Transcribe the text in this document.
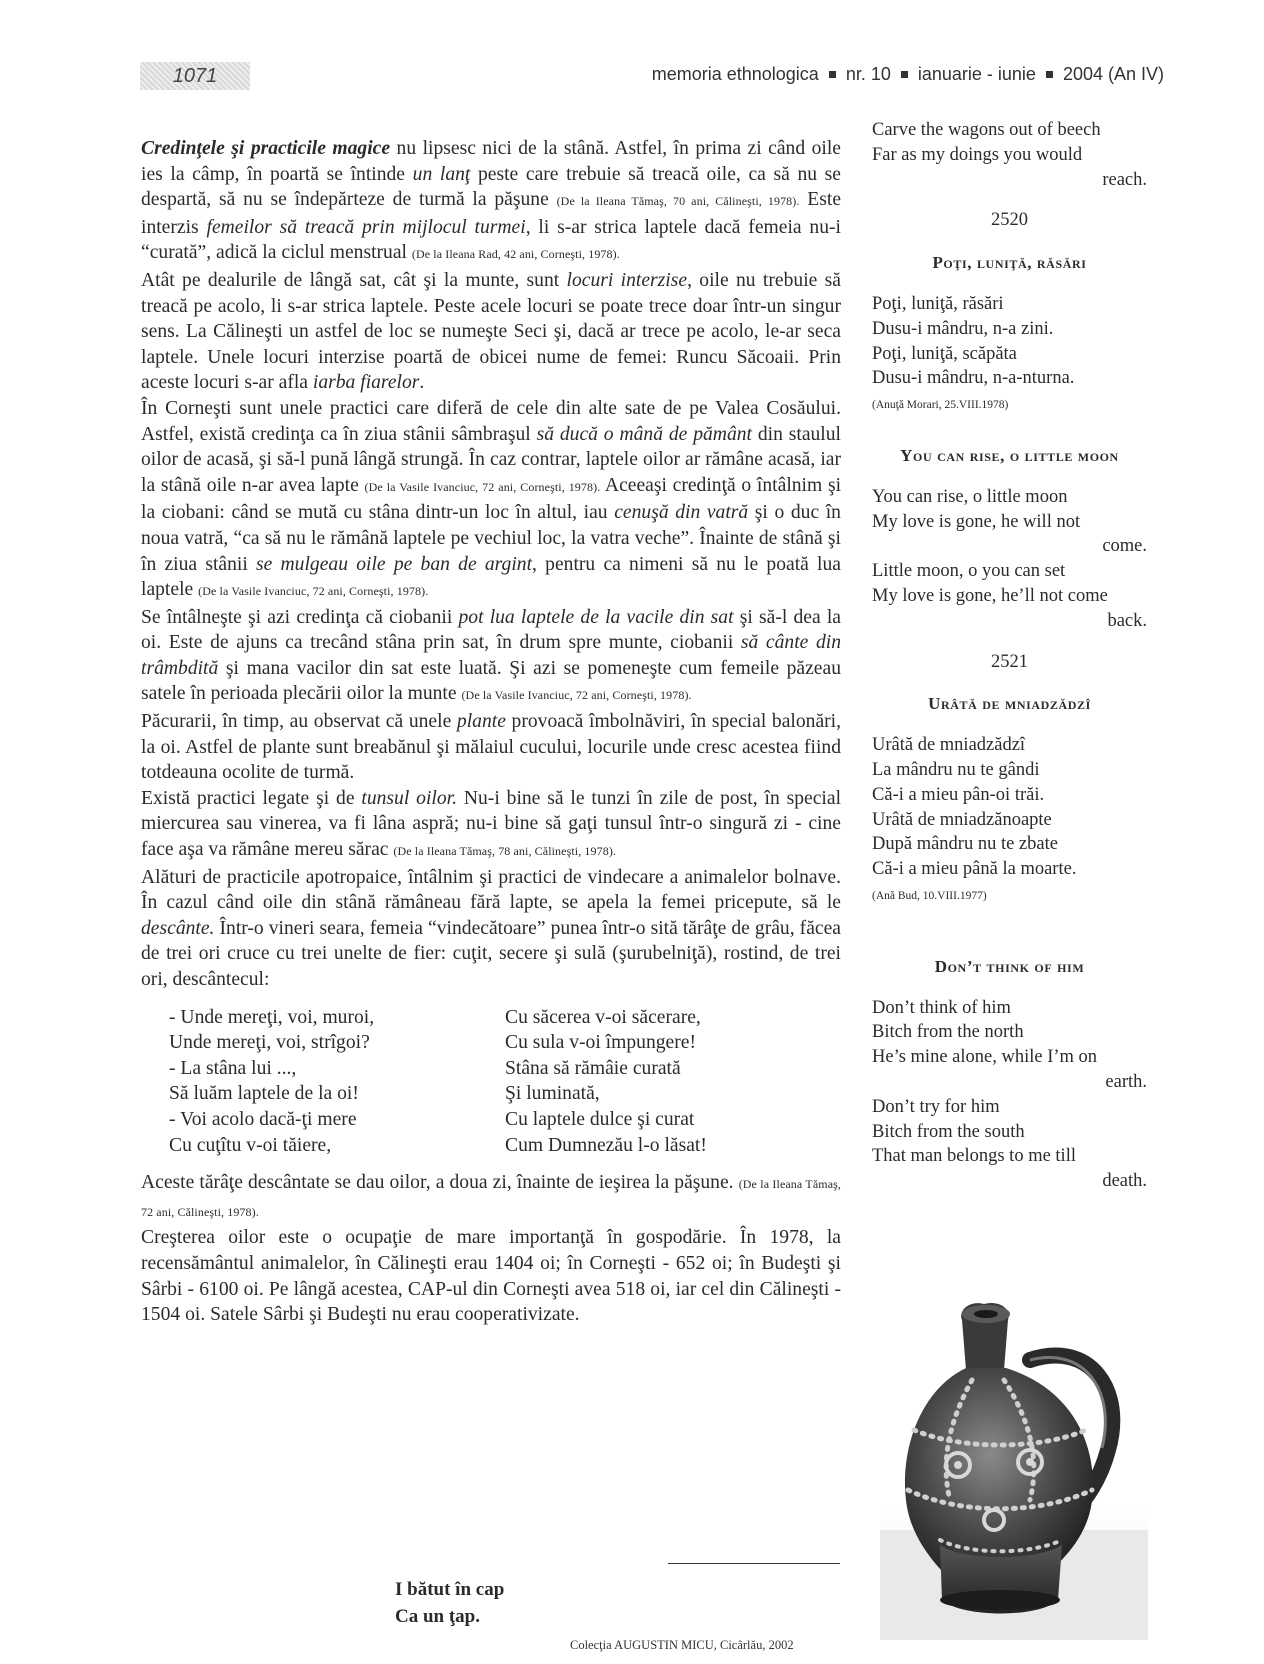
1071	memoria ethnologica nr. 10 ianuarie - iunie 2004 (An IV)

Credinţele şi practicile magice nu lipsesc nici de la stână. Astfel, în prima zi când oile ies la câmp, în poartă se întinde un lanţ peste care trebuie să treacă oile, ca să nu se despartă, să nu se îndepărteze de turmă la păşune (De la Ileana Tămaş, 70 ani, Călineşti, 1978). Este interzis femeilor să treacă prin mijlocul turmei, li s-ar strica laptele dacă femeia nu-i “curată”, adică la ciclul menstrual (De la Ileana Rad, 42 ani, Corneşti, 1978).

Atât pe dealurile de lângă sat, cât şi la munte, sunt locuri interzise, oile nu trebuie să treacă pe acolo, li s-ar strica laptele. Peste acele locuri se poate trece doar într-un singur sens. La Călineşti un astfel de loc se numeşte Seci şi, dacă ar trece pe acolo, le-ar seca laptele. Unele locuri interzise poartă de obicei nume de femei: Runcu Săcoaii. Prin aceste locuri s-ar afla iarba fiarelor.

În Corneşti sunt unele practici care diferă de cele din alte sate de pe Valea Cosăului. Astfel, există credinţa ca în ziua stânii sâmbraşul să ducă o mână de pământ din staulul oilor de acasă, şi să-l pună lângă strungă. În caz contrar, laptele oilor ar rămâne acasă, iar la stână oile n-ar avea lapte (De la Vasile Ivanciuc, 72 ani, Corneşti, 1978). Aceeaşi credinţă o întâlnim şi la ciobani: când se mută cu stâna dintr-un loc în altul, iau cenuşă din vatră şi o duc în noua vatră, “ca să nu le rămână laptele pe vechiul loc, la vatra veche”. Înainte de stână şi în ziua stânii se mulgeau oile pe ban de argint, pentru ca nimeni să nu le poată lua laptele (De la Vasile Ivanciuc, 72 ani, Corneşti, 1978).

Se întâlneşte şi azi credinţa că ciobanii pot lua laptele de la vacile din sat şi să-l dea la oi. Este de ajuns ca trecând stâna prin sat, în drum spre munte, ciobanii să cânte din trâmbdită şi mana vacilor din sat este luată. Şi azi se pomeneşte cum femeile păzeau satele în perioada plecării oilor la munte (De la Vasile Ivanciuc, 72 ani, Corneşti, 1978).

Păcurarii, în timp, au observat că unele plante provoacă îmbolnăviri, în special balonări, la oi. Astfel de plante sunt breabănul şi mălaiul cucului, locurile unde cresc acestea fiind totdeauna ocolite de turmă.

Există practici legate şi de tunsul oilor. Nu-i bine să le tunzi în zile de post, în special miercurea sau vinerea, va fi lâna aspră; nu-i bine să gaţi tunsul într-o singură zi - cine face aşa va rămâne mereu sărac (De la Ileana Tămaş, 78 ani, Călineşti, 1978).

Alături de practicile apotropaice, întâlnim şi practici de vindecare a animalelor bolnave. În cazul când oile din stână rămâneau fără lapte, se apela la femei pricepute, să le descânte. Într-o vineri seara, femeia “vindecătoare” punea într-o sită tărâţe de grâu, făcea de trei ori cruce cu trei unelte de fier: cuţit, secere şi sulă (şurubelniţă), rostind, de trei ori, descântecul:

- Unde mereţi, voi, muroi,
Unde mereţi, voi, strîgoi?
- La stâna lui ...,
Să luăm laptele de la oi!
- Voi acolo dacă-ţi mere
Cu cuţîtu v-oi tăiere,
Cu săcerea v-oi săcerare,
Cu sula v-oi împungere!
Stâna să rămâie curată
Şi luminată,
Cu laptele dulce şi curat
Cum Dumnezău l-o lăsat!

Aceste tărâţe descântate se dau oilor, a doua zi, înainte de ieşirea la păşune. (De la Ileana Tămaş, 72 ani, Călineşti, 1978).

Creşterea oilor este o ocupaţie de mare importanţă în gospodărie. În 1978, la recensământul animalelor, în Călineşti erau 1404 oi; în Corneşti - 652 oi; în Budeşti şi Sârbi - 6100 oi. Pe lângă acestea, CAP-ul din Corneşti avea 518 oi, iar cel din Călineşti - 1504 oi. Satele Sârbi şi Budeşti nu erau cooperativizate.

I bătut în cap
Ca un ţap.
Colecţia AUGUSTIN MICU, Cicârlău, 2002
Carve the wagons out of beech
Far as my doings you would
reach.
2520
Poţi, luniţă, răsări
Poţi, luniţă, răsări
Dusu-i mândru, n-a zini.
Poţi, luniţă, scăpăta
Dusu-i mândru, n-a-nturna.
(Anuţă Morari, 25.VIII.1978)
You can rise, o little moon
You can rise, o little moon
My love is gone, he will not
come.
Little moon, o you can set
My love is gone, he’ll not come
back.
2521
Urâtă de mniadzădzî
Urâtă de mniadzădzî
La mândru nu te gândi
Că-i a mieu pân-oi trăi.
Urâtă de mniadzănoapte
După mândru nu te zbate
Că-i a mieu până la moarte.
(Ană Bud, 10.VIII.1977)
Don’t think of him
Don’t think of him
Bitch from the north
He’s mine alone, while I’m on
earth.
Don’t try for him
Bitch from the south
That man belongs to me till
death.
